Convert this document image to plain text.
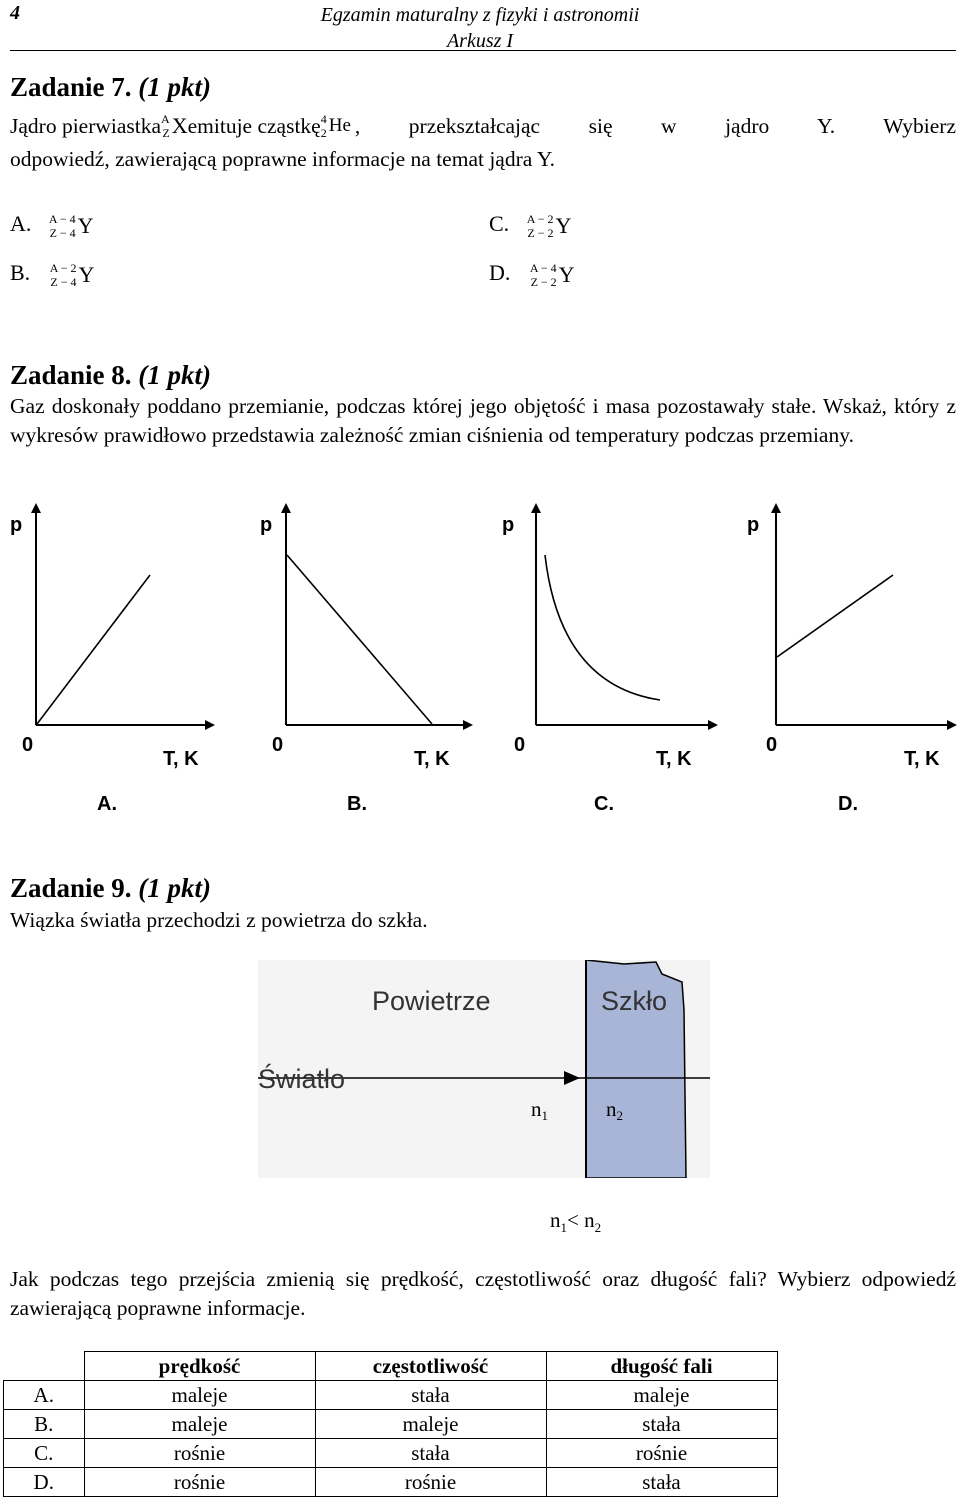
4	Egzamin maturalny z fizyki i astronomii
Arkusz I
Zadanie 7. (1 pkt)
Jądro pierwiastka A
Z X emituje cząstkę 4
2 He , przekształcając się w jądro Y. Wybierz
odpowiedź, zawierającą poprawne informacje na temat jądra Y.
A. A − 4
Z − 4 Y
B. A − 2
Z − 4 Y
C. A − 2
Z − 2 Y
D. A − 4
Z − 2 Y
Zadanie 8. (1 pkt)
Gaz doskonały poddano przemianie, podczas której jego objętość i masa pozostawały stałe. Wskaż, który z wykresów prawidłowo przedstawia zależność zmian ciśnienia od temperatury podczas przemiany.
p
0
T, K
A.
p
0
T, K
B.
p
0
T, K
C.
p
0
T, K
D.
Zadanie 9. (1 pkt)
Wiązka światła przechodzi z powietrza do szkła.
Powietrze	Szkło
Światło
n1	n2
$n_1< n_2$
Jak podczas tego przejścia zmienią się prędkość, częstotliwość oraz długość fali? Wybierz odpowiedź zawierającą poprawne informacje.
	prędkość	częstotliwość	długość fali
A.	maleje	stała	maleje
B.	maleje	maleje	stała
C.	rośnie	stała	rośnie
D.	rośnie	rośnie	stała
